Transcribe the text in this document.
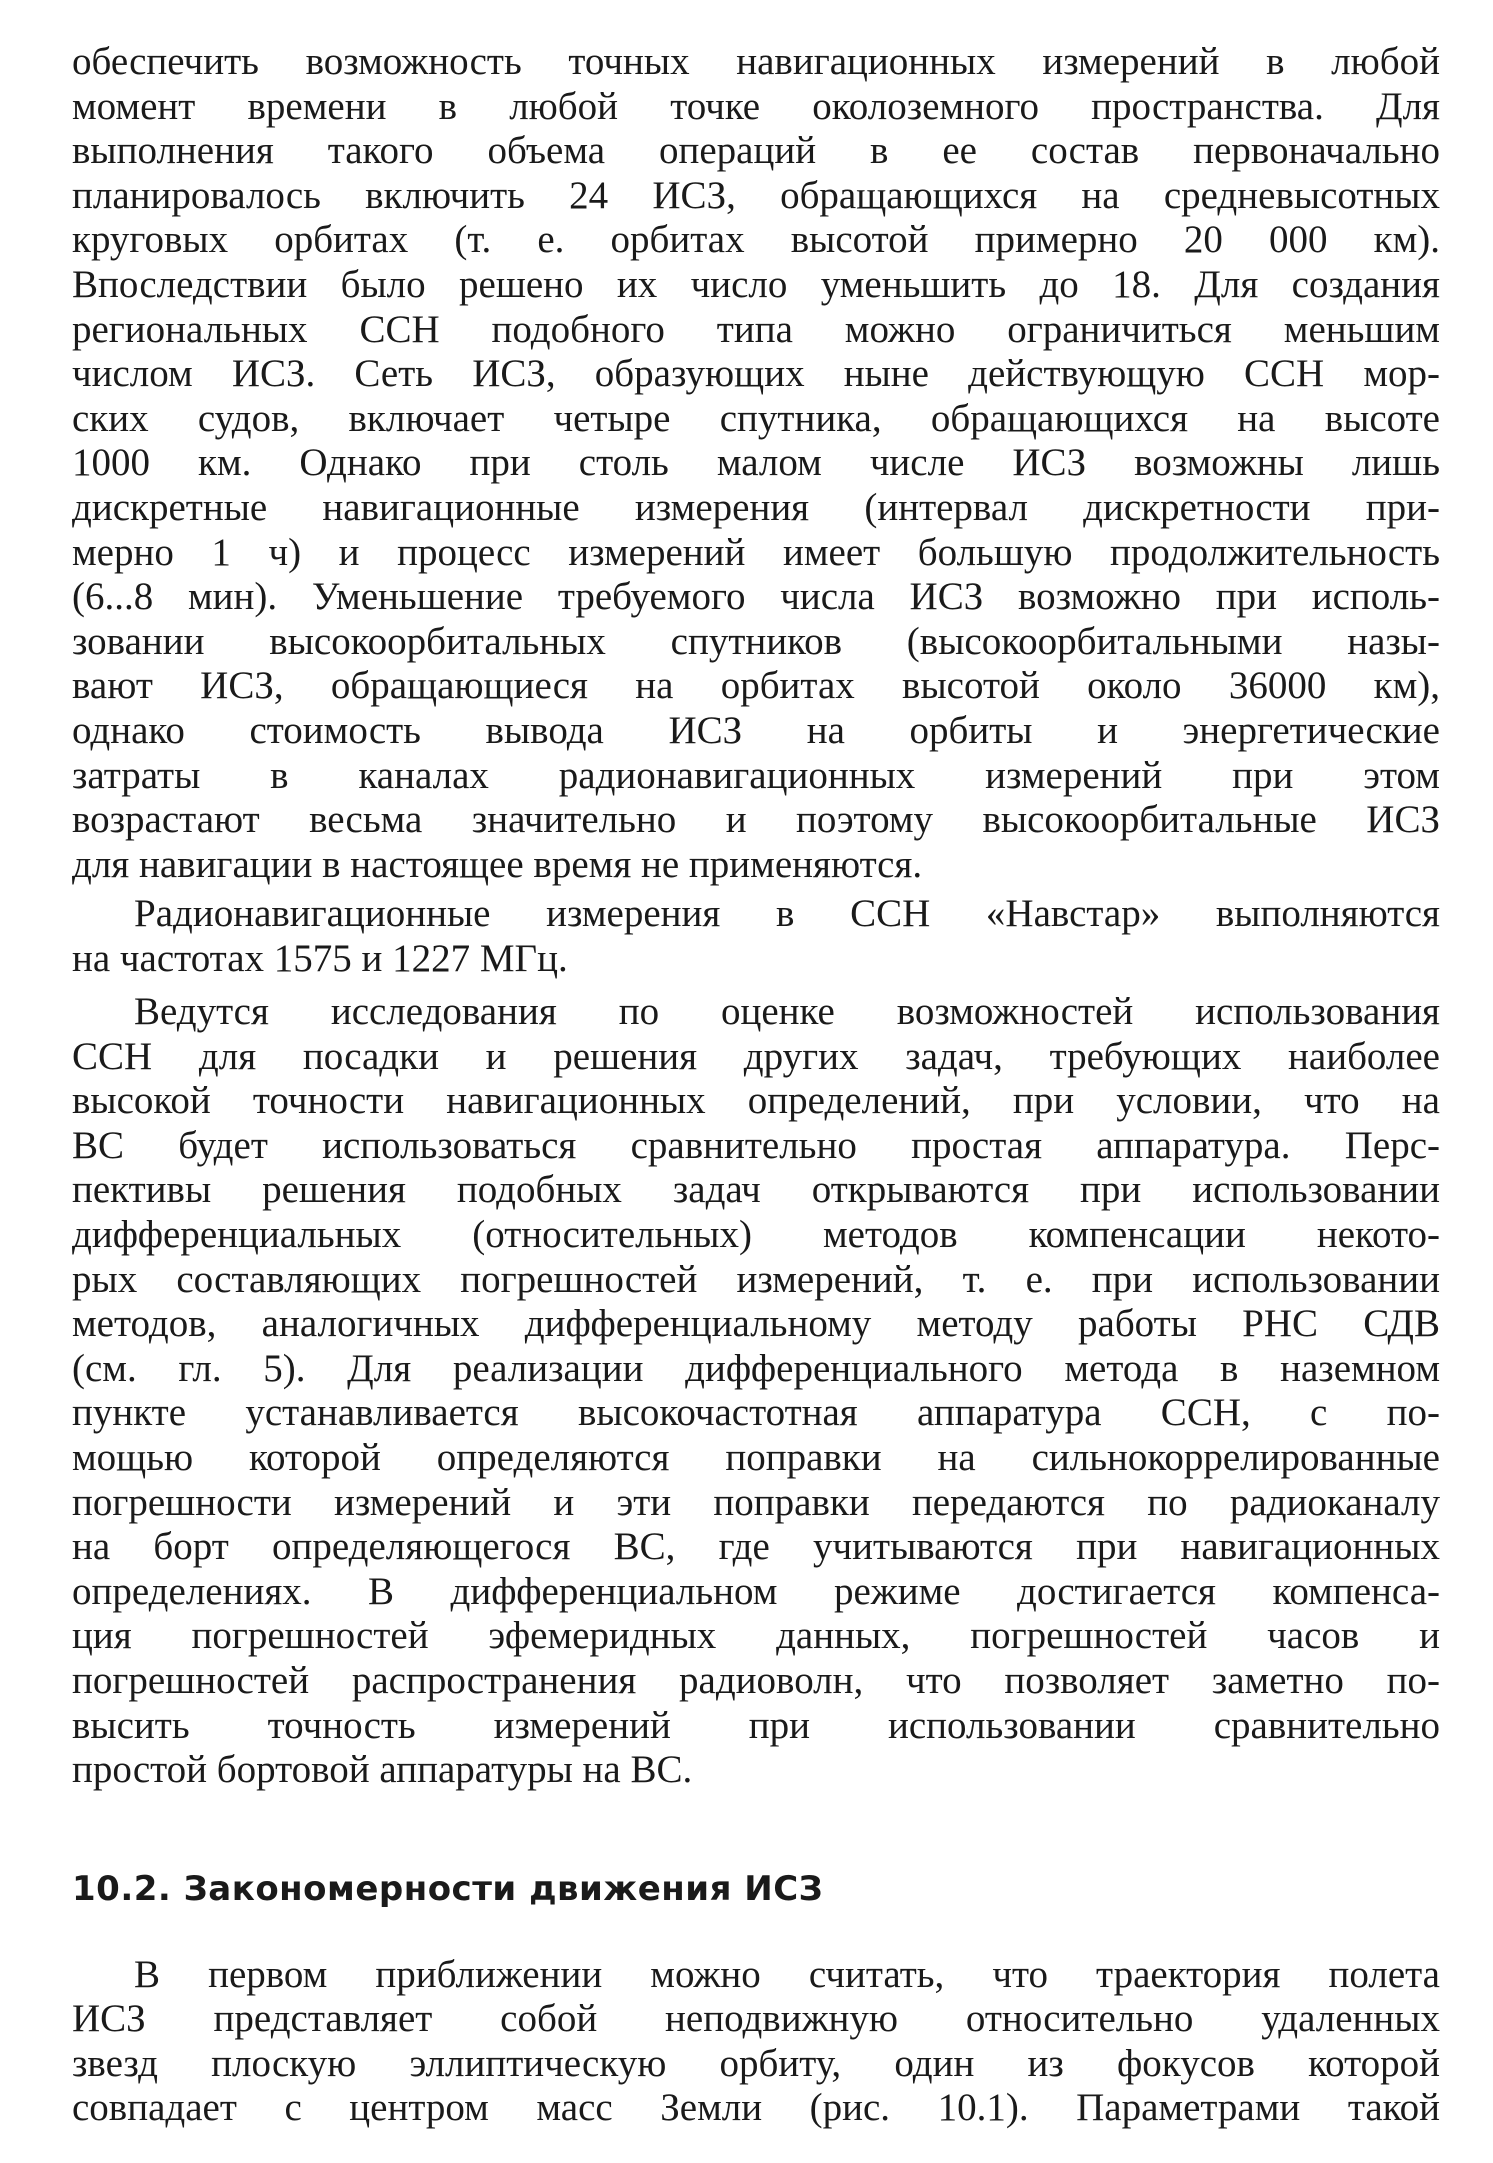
обеспечить возможность точных навигационных измерений в любой
момент времени в любой точке околоземного пространства. Для
выполнения такого объема операций в ее состав первоначально
планировалось включить 24 ИСЗ, обращающихся на средневысотных
круговых орбитах (т. е. орбитах высотой примерно 20 000 км).
Впоследствии было решено их число уменьшить до 18. Для создания
региональных ССН подобного типа можно ограничиться меньшим
числом ИСЗ. Сеть ИСЗ, образующих ныне действующую ССН мор-
ских судов, включает четыре спутника, обращающихся на высоте
1000 км. Однако при столь малом числе ИСЗ возможны лишь
дискретные навигационные измерения (интервал дискретности при-
мерно 1 ч) и процесс измерений имеет большую продолжительность
(6...8 мин). Уменьшение требуемого числа ИСЗ возможно при исполь-
зовании высокоорбитальных спутников (высокоорбитальными назы-
вают ИСЗ, обращающиеся на орбитах высотой около 36000 км),
однако стоимость вывода ИСЗ на орбиты и энергетические
затраты в каналах радионавигационных измерений при этом
возрастают весьма значительно и поэтому высокоорбитальные ИСЗ
для навигации в настоящее время не применяются.
Радионавигационные измерения в ССН «Навстар» выполняются
на частотах 1575 и 1227 МГц.
Ведутся исследования по оценке возможностей использования
ССН для посадки и решения других задач, требующих наиболее
высокой точности навигационных определений, при условии, что на
ВС будет использоваться сравнительно простая аппаратура. Перс-
пективы решения подобных задач открываются при использовании
дифференциальных (относительных) методов компенсации некото-
рых составляющих погрешностей измерений, т. е. при использовании
методов, аналогичных дифференциальному методу работы РНС СДВ
(см. гл. 5). Для реализации дифференциального метода в наземном
пункте устанавливается высокочастотная аппаратура ССН, с по-
мощью которой определяются поправки на сильнокоррелированные
погрешности измерений и эти поправки передаются по радиоканалу
на борт определяющегося ВС, где учитываются при навигационных
определениях. В дифференциальном режиме достигается компенса-
ция погрешностей эфемеридных данных, погрешностей часов и
погрешностей распространения радиоволн, что позволяет заметно по-
высить точность измерений при использовании сравнительно
простой бортовой аппаратуры на ВС.
10.2. Закономерности движения ИСЗ
В первом приближении можно считать, что траектория полета
ИСЗ представляет собой неподвижную относительно удаленных
звезд плоскую эллиптическую орбиту, один из фокусов которой
совпадает с центром масс Земли (рис. 10.1). Параметрами такой
